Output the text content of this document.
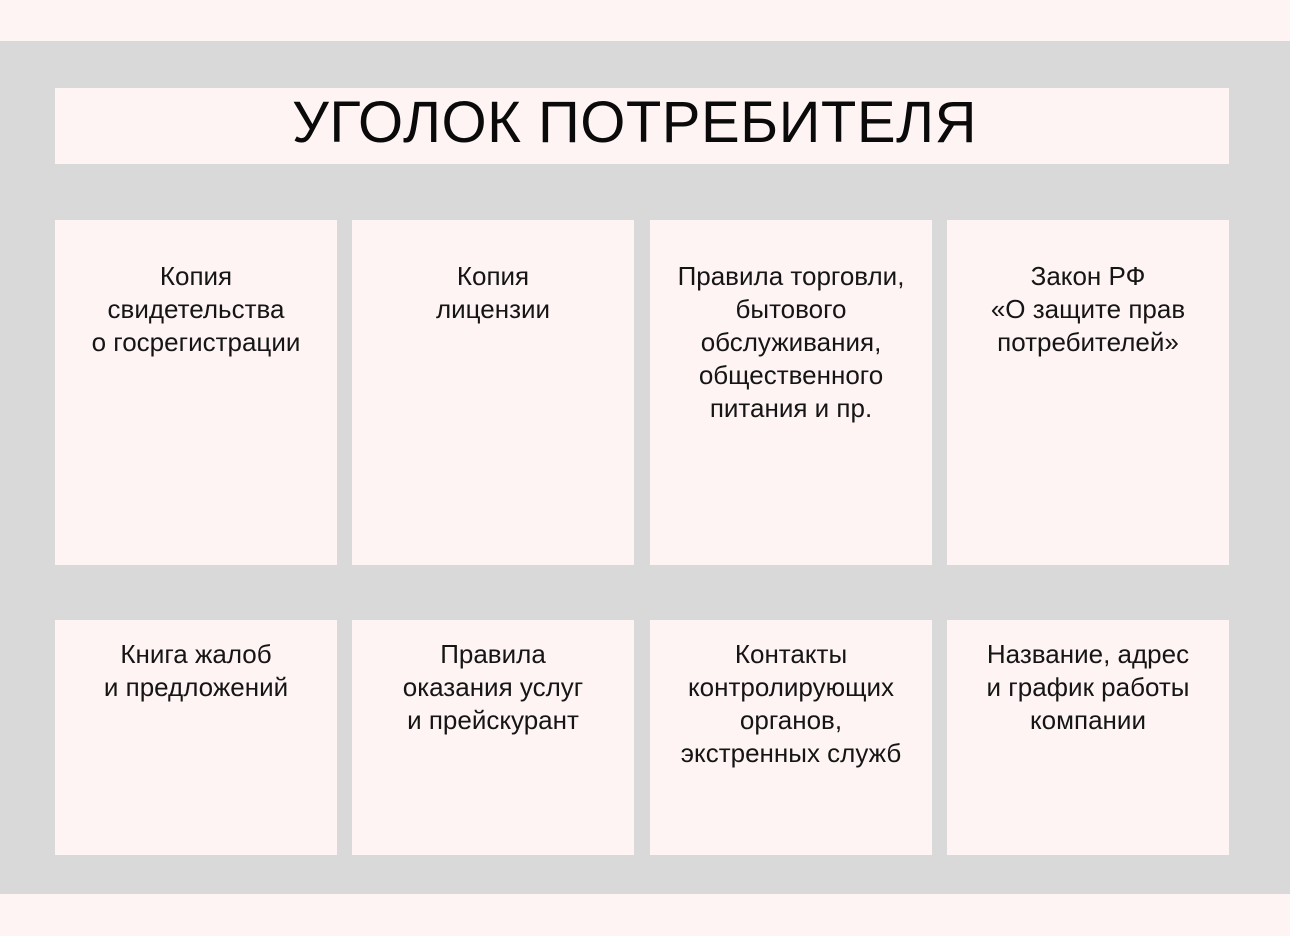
УГОЛОК ПОТРЕБИТЕЛЯ
Копия
свидетельства
о госрегистрации
Копия
лицензии
Правила торговли,
бытового
обслуживания,
общественного
питания и пр.
Закон РФ
«О защите прав
потребителей»
Книга жалоб
и предложений
Правила
оказания услуг
и прейскурант
Контакты
контролирующих
органов,
экстренных служб
Название, адрес
и график работы
компании
